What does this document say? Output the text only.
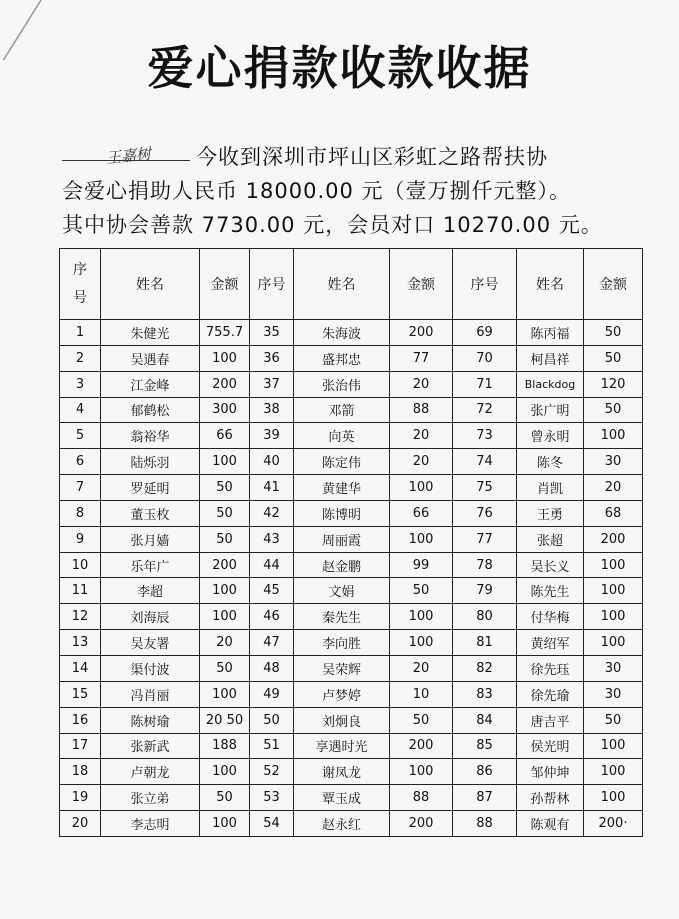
爱心捐款收款收据
王嘉树 今收到深圳市坪山区彩虹之路帮扶协
会爱心捐助人民币 18000.00 元（壹万捌仟元整）。
其中协会善款 7730.00 元，会员对口 10270.00 元。
序
号	姓名	金额	序号	姓名	金额	序号	姓名	金额
1	朱健光	755.7	35	朱海波	200	69	陈丙福	50
2	吴遇春	100	36	盛邦忠	77	70	柯昌祥	50
3	江金峰	200	37	张治伟	20	71	Blackdog	120
4	郁鹤松	300	38	邓箭	88	72	张广明	50
5	翁裕华	66	39	向英	20	73	曾永明	100
6	陆烁羽	100	40	陈定伟	20	74	陈冬	30
7	罗延明	50	41	黄建华	100	75	肖凯	20
8	董玉枚	50	42	陈博明	66	76	王勇	68
9	张月嫱	50	43	周丽霞	100	77	张超	200
10	乐年广	200	44	赵金鹏	99	78	吴长义	100
11	李超	100	45	文娟	50	79	陈先生	100
12	刘海辰	100	46	秦先生	100	80	付华梅	100
13	吴友署	20	47	李向胜	100	81	黄绍军	100
14	渠付波	50	48	吴荣辉	20	82	徐先珏	30
15	冯肖丽	100	49	卢梦婷	10	83	徐先瑜	30
16	陈树瑜	20 50	50	刘炯良	50	84	唐吉平	50
17	张新武	188	51	享遇时光	200	85	侯光明	100
18	卢朝龙	100	52	谢凤龙	100	86	邹仲坤	100
19	张立弟	50	53	覃玉成	88	87	孙帮林	100
20	李志明	100	54	赵永红	200	88	陈观有	200·
